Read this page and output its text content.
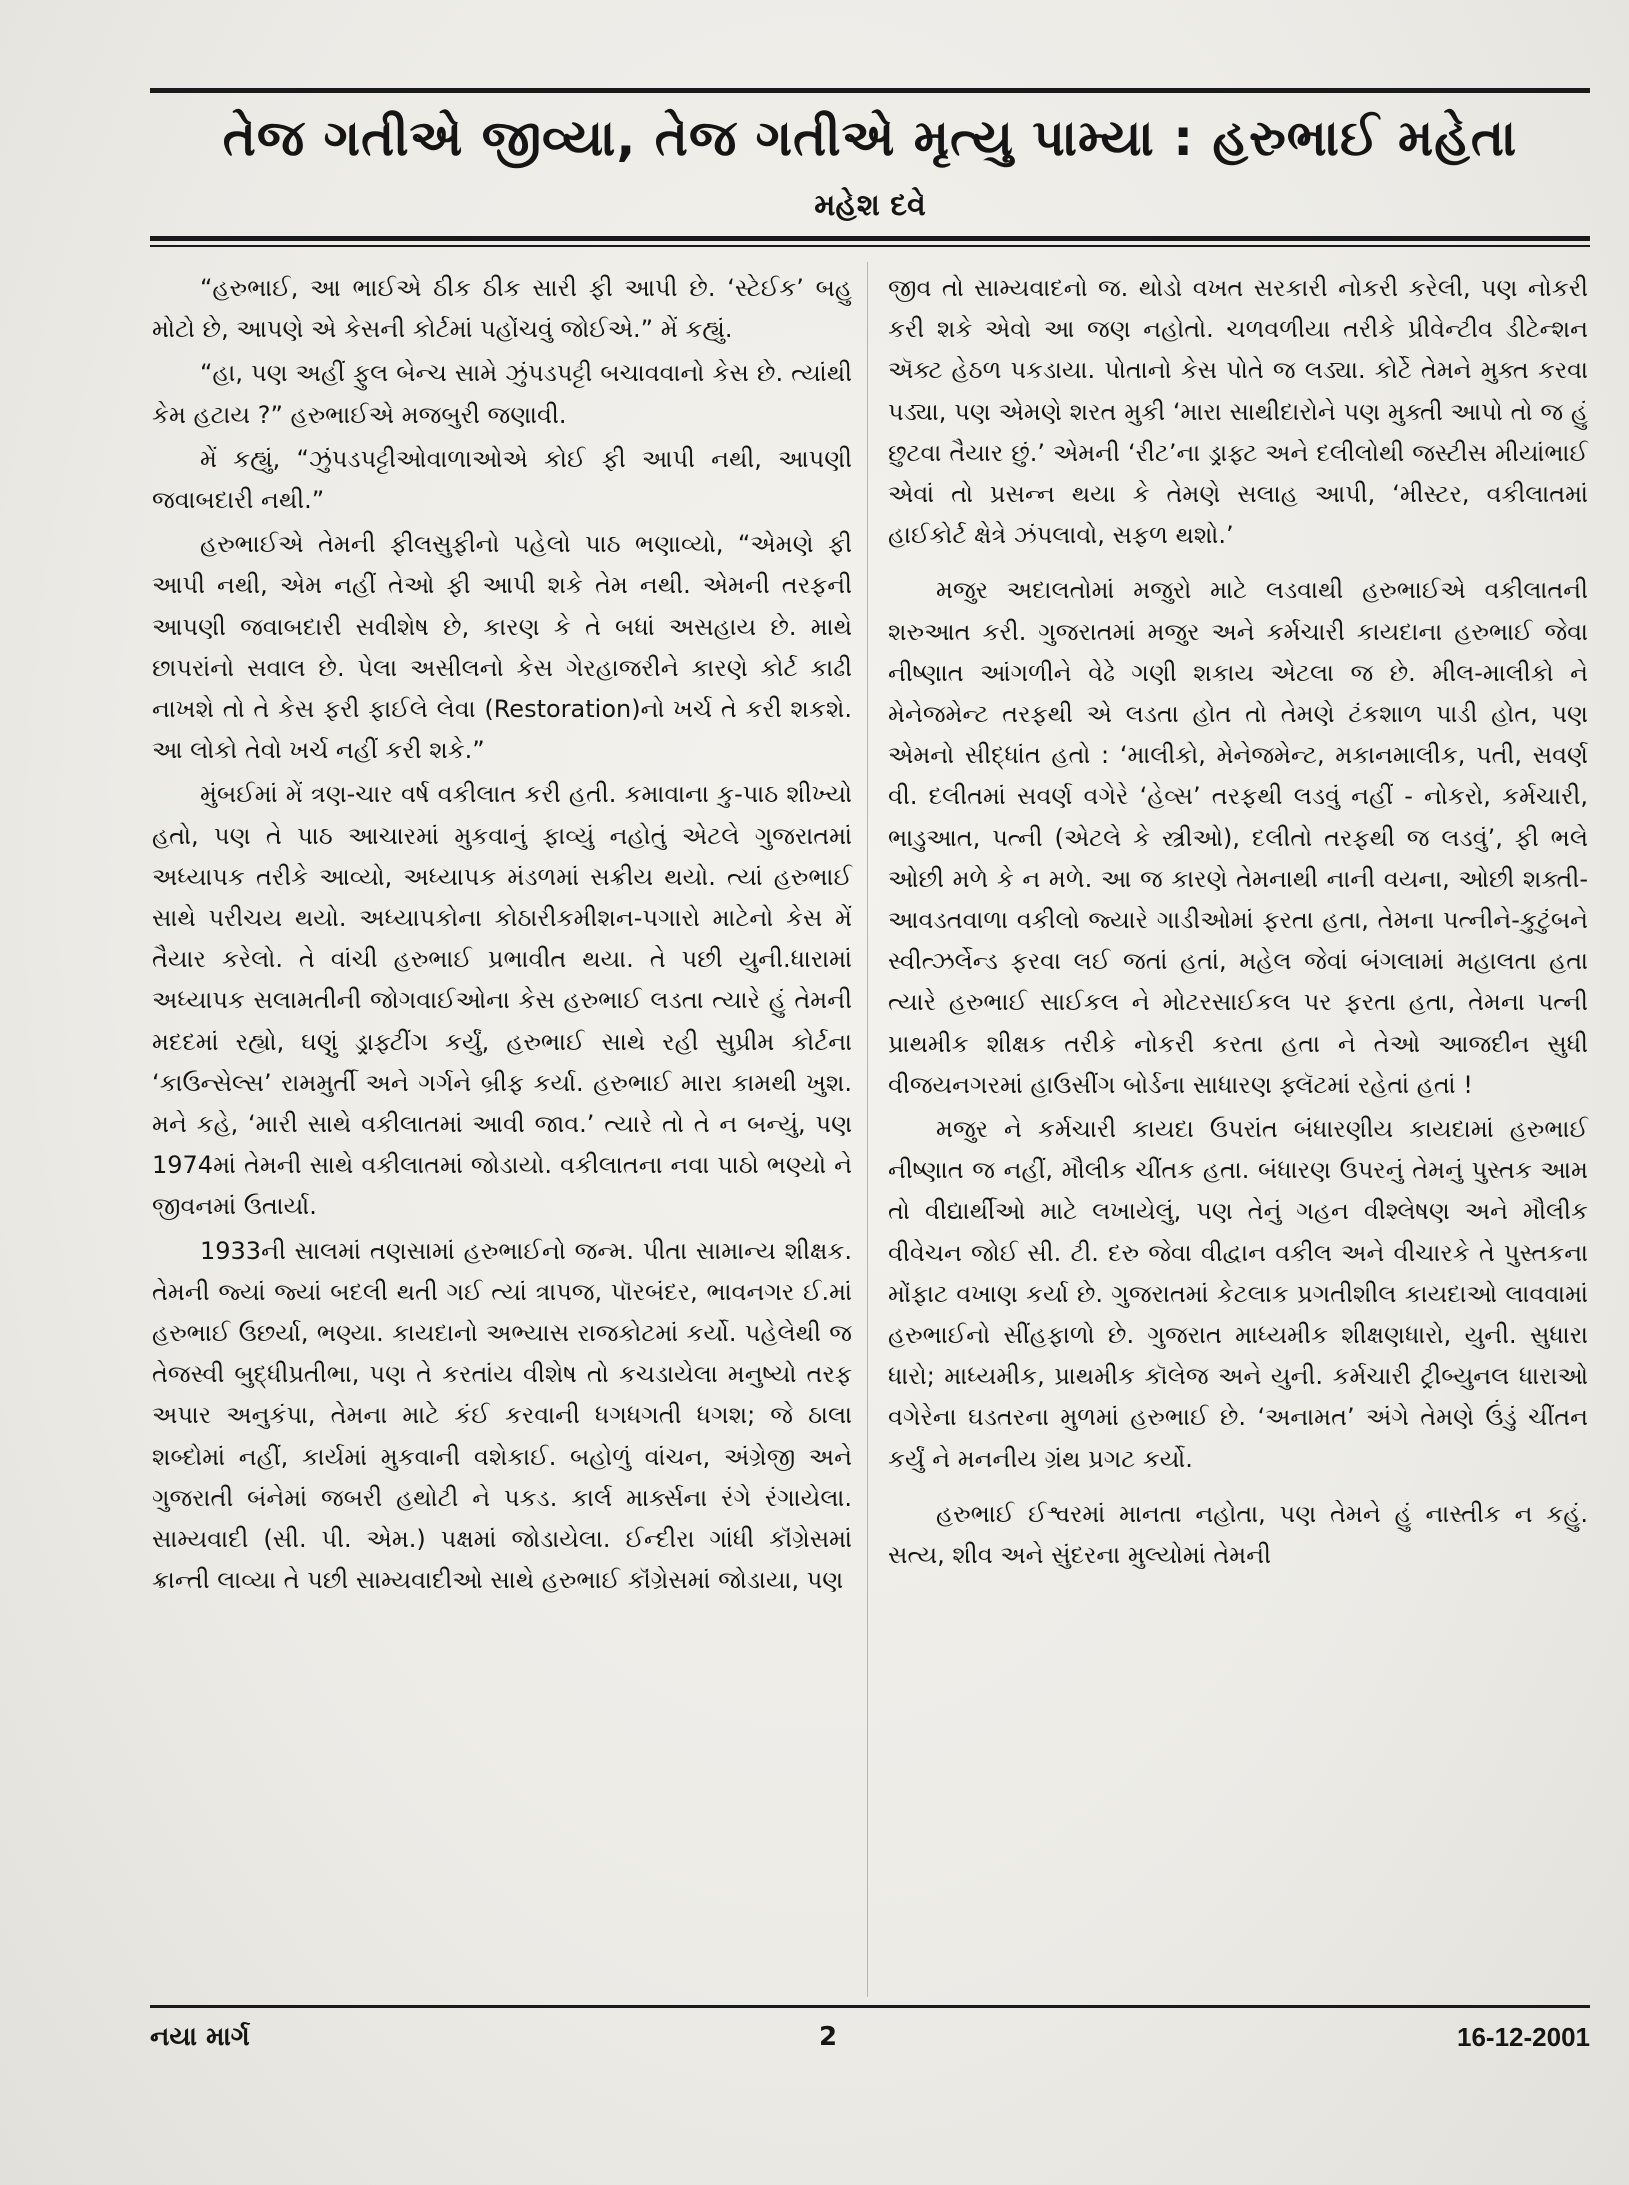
તેજ ગતીએ જીવ્યા, તેજ ગતીએ મૃત્યુ પામ્યા : હરુભાઈ મહેતા
મહેશ દવે

“હરુભાઈ, આ ભાઈએ ઠીક ઠીક સારી ફી આપી છે. ‘સ્ટેઈક’ બહુ મોટો છે, આપણે એ કેસની કોર્ટમાં પહોંચવું જોઈએ.” મેં કહ્યું.

“હા, પણ અહીં ફુલ બેન્ચ સામે ઝુંપડપટ્ટી બચાવવાનો કેસ છે. ત્યાંથી કેમ હટાય ?” હરુભાઈએ મજબુરી જણાવી.

મેં કહ્યું, “ઝુંપડપટ્ટીઓવાળાઓએ કોઈ ફી આપી નથી, આપણી જવાબદારી નથી.”

હરુભાઈએ તેમની ફીલસુફીનો પહેલો પાઠ ભણાવ્યો, “એમણે ફી આપી નથી, એમ નહીં તેઓ ફી આપી શકે તેમ નથી. એમની તરફની આપણી જવાબદારી સવીશેષ છે, કારણ કે તે બધાં અસહાય છે. માથે છાપરાંનો સવાલ છે. પેલા અસીલનો કેસ ગેરહાજરીને કારણે કોર્ટ કાઢી નાખશે તો તે કેસ ફરી ફાઈલે લેવા (Restoration)નો ખર્ચ તે કરી શકશે. આ લોકો તેવો ખર્ચ નહીં કરી શકે.”

મુંબઈમાં મેં ત્રણ-ચાર વર્ષ વકીલાત કરી હતી. કમાવાના કુ-પાઠ શીખ્યો હતો, પણ તે પાઠ આચારમાં મુકવાનું ફાવ્યું નહોતું એટલે ગુજરાતમાં અધ્યાપક તરીકે આવ્યો, અધ્યાપક મંડળમાં સક્રીય થયો. ત્યાં હરુભાઈ સાથે પરીચય થયો. અધ્યાપકોના કોઠારીકમીશન-પગારો માટેનો કેસ મેં તૈયાર કરેલો. તે વાંચી હરુભાઈ પ્રભાવીત થયા. તે પછી યુની.ધારામાં અધ્યાપક સલામતીની જોગવાઈઓના કેસ હરુભાઈ લડતા ત્યારે હું તેમની મદદમાં રહ્યો, ઘણું ડ્રાફ્ટીંગ કર્યું, હરુભાઈ સાથે રહી સુપ્રીમ કોર્ટના ‘કાઉન્સેલ્સ’ રામમુર્તી અને ગર્ગને બ્રીફ કર્યા. હરુભાઈ મારા કામથી ખુશ. મને કહે, ‘મારી સાથે વકીલાતમાં આવી જાવ.’ ત્યારે તો તે ન બન્યું, પણ 1974માં તેમની સાથે વકીલાતમાં જોડાયો. વકીલાતના નવા પાઠો ભણ્યો ને જીવનમાં ઉતાર્યા.

1933ની સાલમાં તણસામાં હરુભાઈનો જન્મ. પીતા સામાન્ય શીક્ષક. તેમની જ્યાં જ્યાં બદલી થતી ગઈ ત્યાં ત્રાપજ, પૉરબંદર, ભાવનગર ઈ.માં હરુભાઈ ઉછર્યા, ભણ્યા. કાયદાનો અભ્યાસ રાજકોટમાં કર્યો. પહેલેથી જ તેજસ્વી બુદ્ધીપ્રતીભા, પણ તે કરતાંય વીશેષ તો કચડાયેલા મનુષ્યો તરફ અપાર અનુકંપા, તેમના માટે કંઈ કરવાની ધગધગતી ધગશ; જે ઠાલા શબ્દોમાં નહીં, કાર્યમાં મુકવાની વશેકાઈ. બહોળું વાંચન, અંગ્રેજી અને ગુજરાતી બંનેમાં જબરી હથોટી ને પકડ. કાર્લ માર્ક્સના રંગે રંગાયેલા. સામ્યવાદી (સી. પી. એમ.) પક્ષમાં જોડાયેલા. ઈન્દીરા ગાંધી કૉંગ્રેસમાં ક્રાન્તી લાવ્યા તે પછી સામ્યવાદીઓ સાથે હરુભાઈ કૉંગ્રેસમાં જોડાયા, પણ

જીવ તો સામ્યવાદનો જ. થોડો વખત સરકારી નોકરી કરેલી, પણ નોકરી કરી શકે એવો આ જણ નહોતો. ચળવળીયા તરીકે પ્રીવેન્ટીવ ડીટેન્શન ઍક્ટ હેઠળ પકડાયા. પોતાનો કેસ પોતે જ લડ્યા. કોર્ટે તેમને મુક્ત કરવા પડ્યા, પણ એમણે શરત મુકી ‘મારા સાથીદારોને પણ મુક્તી આપો તો જ હું છુટવા તૈયાર છું.’ એમની ‘રીટ’ના ડ્રાફ્ટ અને દલીલોથી જસ્ટીસ મીયાંભાઈ એવાં તો પ્રસન્ન થયા કે તેમણે સલાહ આપી, ‘મીસ્ટર, વકીલાતમાં હાઈકોર્ટ ક્ષેત્રે ઝંપલાવો, સફળ થશો.’

મજુર અદાલતોમાં મજુરો માટે લડવાથી હરુભાઈએ વકીલાતની શરુઆત કરી. ગુજરાતમાં મજુર અને કર્મચારી કાયદાના હરુભાઈ જેવા નીષ્ણાત આંગળીને વેઢે ગણી શકાય એટલા જ છે. મીલ-માલીકો ને મેનેજમેન્ટ તરફથી એ લડતા હોત તો તેમણે ટંકશાળ પાડી હોત, પણ એમનો સીદ્ધાંત હતો : ‘માલીકો, મેનેજમેન્ટ, મકાનમાલીક, પતી, સવર્ણ વી. દલીતમાં સવર્ણ વગેરે ‘હેવ્સ’ તરફથી લડવું નહીં - નોકરો, કર્મચારી, ભાડુઆત, પત્ની (એટલે કે સ્ત્રીઓ), દલીતો તરફથી જ લડવું’, ફી ભલે ઓછી મળે કે ન મળે. આ જ કારણે તેમનાથી નાની વયના, ઓછી શક્તી-આવડતવાળા વકીલો જ્યારે ગાડીઓમાં ફરતા હતા, તેમના પત્નીને-કુટુંબને સ્વીત્ઝર્લેન્ડ ફરવા લઈ જતાં હતાં, મહેલ જેવાં બંગલામાં મહાલતા હતા ત્યારે હરુભાઈ સાઈકલ ને મોટરસાઈકલ પર ફરતા હતા, તેમના પત્ની પ્રાથમીક શીક્ષક તરીકે નોકરી કરતા હતા ને તેઓ આજદીન સુધી વીજયનગરમાં હાઉસીંગ બોર્ડના સાધારણ ફ્લૅટમાં રહેતાં હતાં !

મજુર ને કર્મચારી કાયદા ઉપરાંત બંધારણીય કાયદામાં હરુભાઈ નીષ્ણાત જ નહીં, મૌલીક ચીંતક હતા. બંધારણ ઉપરનું તેમનું પુસ્તક આમ તો વીદ્યાર્થીઓ માટે લખાયેલું, પણ તેનું ગહન વીશ્લેષણ અને મૌલીક વીવેચન જોઈ સી. ટી. દરુ જેવા વીદ્વાન વકીલ અને વીચારકે તે પુસ્તકના મોંફાટ વખાણ કર્યા છે. ગુજરાતમાં કેટલાક પ્રગતીશીલ કાયદાઓ લાવવામાં હરુભાઈનો સીંહફાળો છે. ગુજરાત માધ્યમીક શીક્ષણધારો, યુની. સુધારા ધારો; માધ્યમીક, પ્રાથમીક કૉલેજ અને યુની. કર્મચારી ટ્રીબ્યુનલ ધારાઓ વગેરેના ઘડતરના મુળમાં હરુભાઈ છે. ‘અનામત’ અંગે તેમણે ઉંડું ચીંતન કર્યું ને મનનીય ગ્રંથ પ્રગટ કર્યો.

હરુભાઈ ઈશ્વરમાં માનતા નહોતા, પણ તેમને હું નાસ્તીક ન કહું. સત્ય, શીવ અને સુંદરના મુલ્યોમાં તેમની

નયા માર્ગ	2	16-12-2001
